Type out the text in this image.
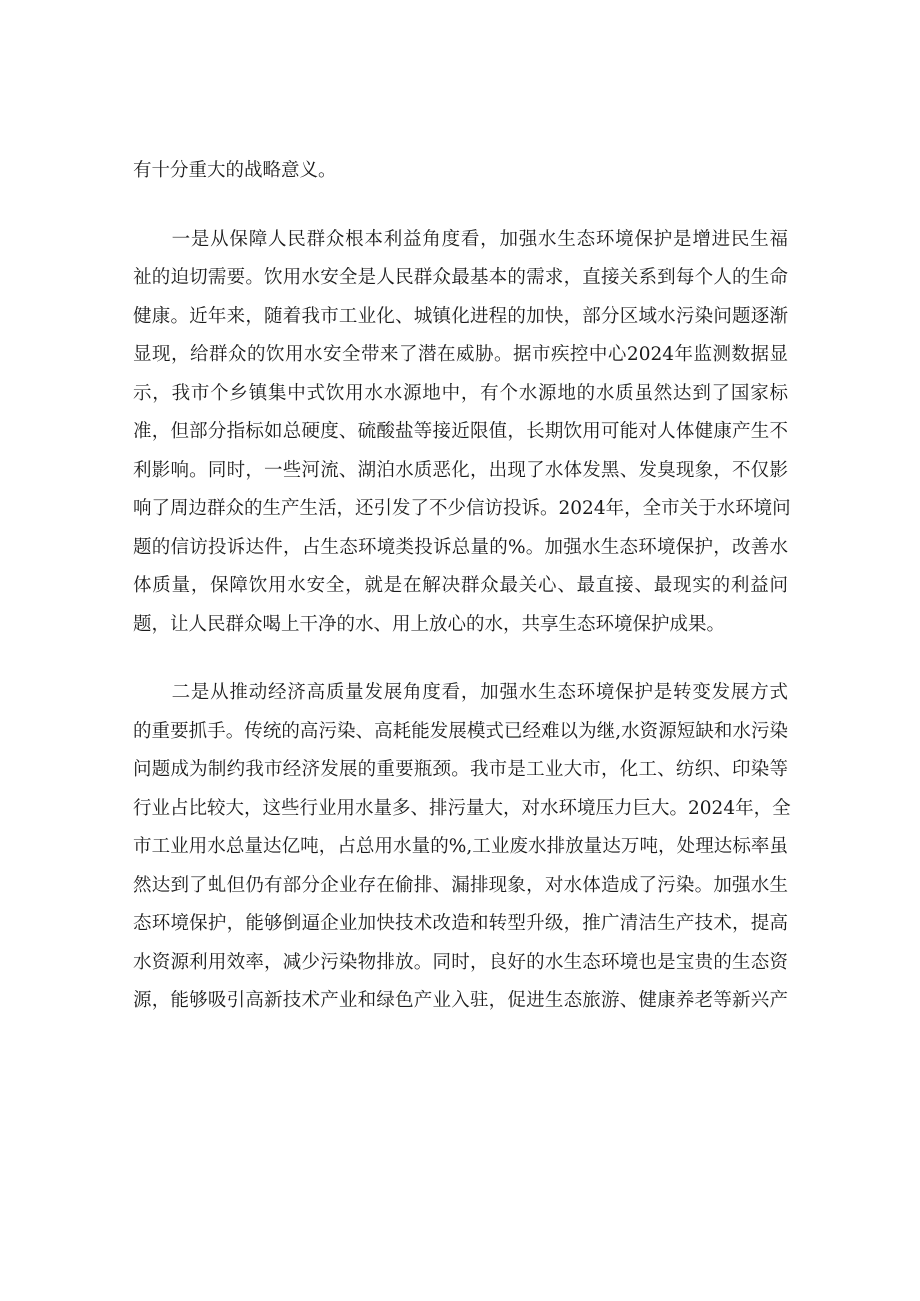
有十分重大的战略意义。
　　一是从保障人民群众根本利益角度看，加强水生态环境保护是增进民生福
祉的迫切需要。饮用水安全是人民群众最基本的需求，直接关系到每个人的生命
健康。近年来，随着我市工业化、城镇化进程的加快，部分区域水污染问题逐渐
显现，给群众的饮用水安全带来了潜在威胁。据市疾控中心2024年监测数据显
示，我市个乡镇集中式饮用水水源地中，有个水源地的水质虽然达到了国家标
准，但部分指标如总硬度、硫酸盐等接近限值，长期饮用可能对人体健康产生不
利影响。同时，一些河流、湖泊水质恶化，出现了水体发黑、发臭现象，不仅影
响了周边群众的生产生活，还引发了不少信访投诉。2024年，全市关于水环境问
题的信访投诉达件，占生态环境类投诉总量的%。加强水生态环境保护，改善水
体质量，保障饮用水安全，就是在解决群众最关心、最直接、最现实的利益问
题，让人民群众喝上干净的水、用上放心的水，共享生态环境保护成果。
　　二是从推动经济高质量发展角度看，加强水生态环境保护是转变发展方式
的重要抓手。传统的高污染、高耗能发展模式已经难以为继,水资源短缺和水污染
问题成为制约我市经济发展的重要瓶颈。我市是工业大市，化工、纺织、印染等
行业占比较大，这些行业用水量多、排污量大，对水环境压力巨大。2024年，全
市工业用水总量达亿吨，占总用水量的%,工业废水排放量达万吨，处理达标率虽
然达到了虬但仍有部分企业存在偷排、漏排现象，对水体造成了污染。加强水生
态环境保护，能够倒逼企业加快技术改造和转型升级，推广清洁生产技术，提高
水资源利用效率，减少污染物排放。同时，良好的水生态环境也是宝贵的生态资
源，能够吸引高新技术产业和绿色产业入驻，促进生态旅游、健康养老等新兴产
